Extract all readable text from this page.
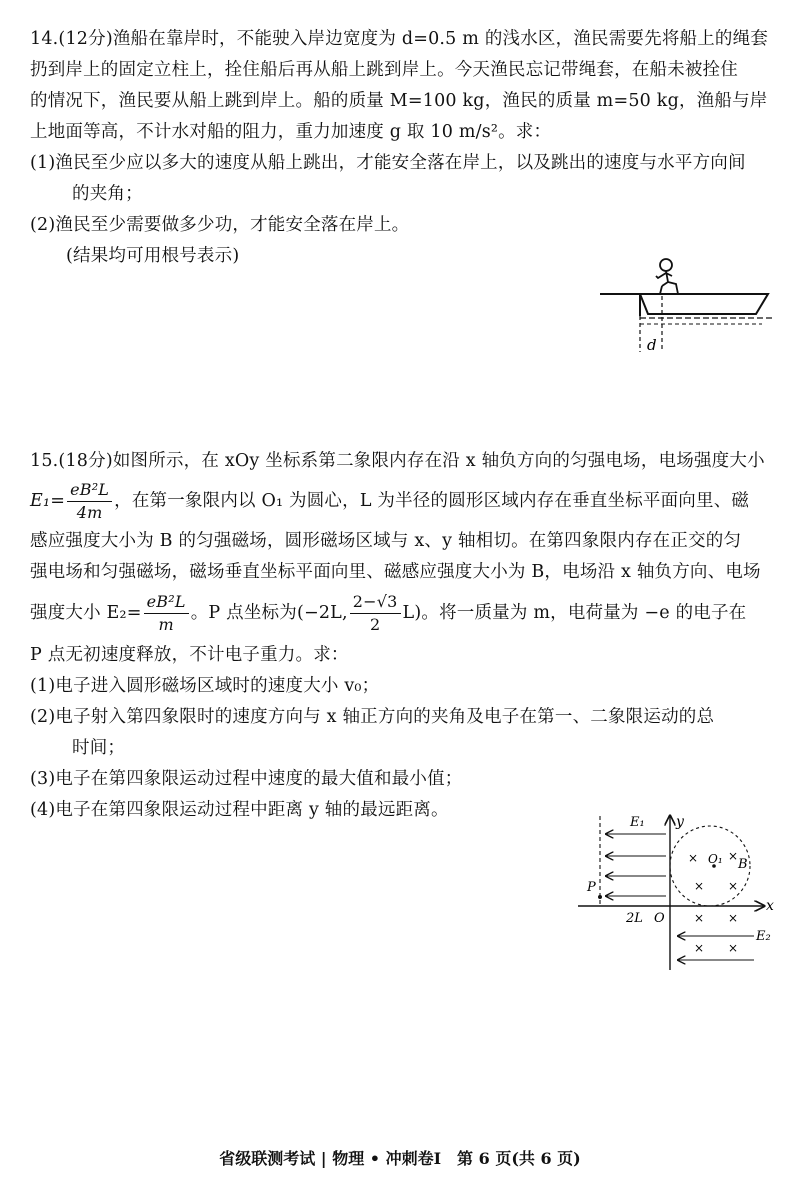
14.(12分)渔船在靠岸时，不能驶入岸边宽度为 d=0.5 m 的浅水区，渔民需要先将船上的绳套
扔到岸上的固定立柱上，拴住船后再从船上跳到岸上。今天渔民忘记带绳套，在船未被拴住
的情况下，渔民要从船上跳到岸上。船的质量 M=100 kg，渔民的质量 m=50 kg，渔船与岸
上地面等高，不计水对船的阻力，重力加速度 g 取 10 m/s²。求：
(1)渔民至少应以多大的速度从船上跳出，才能安全落在岸上，以及跳出的速度与水平方向间
的夹角；
(2)渔民至少需要做多少功，才能安全落在岸上。
(结果均可用根号表示)
d
15.(18分)如图所示，在 xOy 坐标系第二象限内存在沿 x 轴负方向的匀强电场，电场强度大小
$E_1= \frac{\text{eB²L}}{4m}$ ，在第一象限内以 O₁ 为圆心，L 为半径的圆形区域内存在垂直坐标平面向里、磁
感应强度大小为 B 的匀强磁场，圆形磁场区域与 x、y 轴相切。在第四象限内存在正交的匀
强电场和匀强磁场，磁场垂直坐标平面向里、磁感应强度大小为 B，电场沿 x 轴负方向、电场
强度大小 $E_2= \frac{\text{eB²L}}{m}$ 。P 点坐标为(−2L, $\frac{2-√3}{2} L$)。将一质量为 m，电荷量为 −e 的电子在
P 点无初速度释放，不计电子重力。求：
(1)电子进入圆形磁场区域时的速度大小 v₀；
(2)电子射入第四象限时的速度方向与 x 轴正方向的夹角及电子在第一、二象限运动的总
时间；
(3)电子在第四象限运动过程中速度的最大值和最小值；
(4)电子在第四象限运动过程中距离 y 轴的最远距离。
y
x
O
P
2L
E₁
O₁ B
× ×
× ×
× ×
× ×
E₂
省级联测考试 | 物理 • 冲刺卷Ⅰ　第 6 页(共 6 页)
